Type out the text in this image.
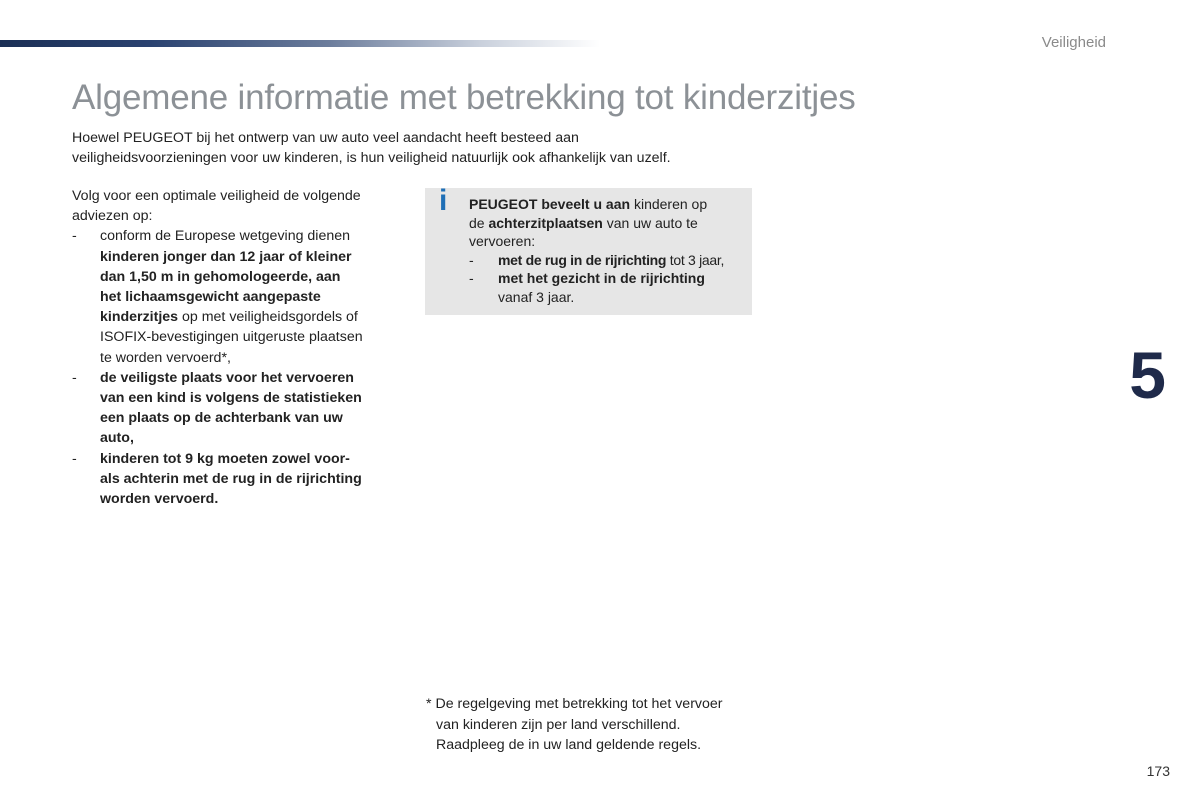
Veiligheid
Algemene informatie met betrekking tot kinderzitjes

Hoewel PEUGEOT bij het ontwerp van uw auto veel aandacht heeft besteed aan
veiligheidsvoorzieningen voor uw kinderen, is hun veiligheid natuurlijk ook afhankelijk van uzelf.

Volg voor een optimale veiligheid de volgende
adviezen op:
- conform de Europese wetgeving dienen
kinderen jonger dan 12 jaar of kleiner
dan 1,50 m in gehomologeerde, aan
het lichaamsgewicht aangepaste
kinderzitjes op met veiligheidsgordels of
ISOFIX-bevestigingen uitgeruste plaatsen
te worden vervoerd*,
- de veiligste plaats voor het vervoeren
van een kind is volgens de statistieken
een plaats op de achterbank van uw
auto,
- kinderen tot 9 kg moeten zowel voor-
als achterin met de rug in de rijrichting
worden vervoerd.
i PEUGEOT beveelt u aan kinderen op
de achterzitplaatsen van uw auto te
vervoeren:
- met de rug in de rijrichting tot 3 jaar,
- met het gezicht in de rijrichting
vanaf 3 jaar.
5
* De regelgeving met betrekking tot het vervoer
van kinderen zijn per land verschillend.
Raadpleeg de in uw land geldende regels.
173
